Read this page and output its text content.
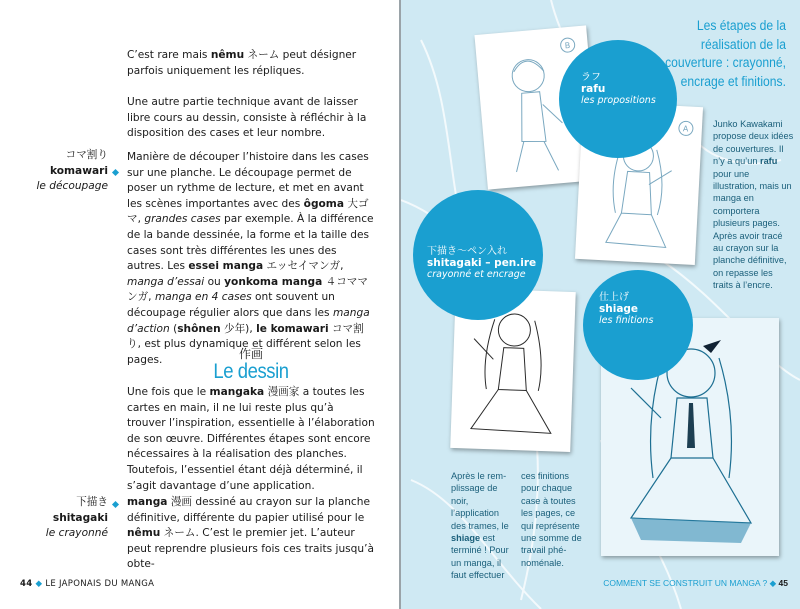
C’est rare mais nêmu ネーム peut désigner parfois uniquement les répliques.

Une autre partie technique avant de laisser libre cours au dessin, consiste à réfléchir à la disposition des cases et leur nombre.

コマ割り
komawari
le découpage

Manière de découper l’histoire dans les cases sur une planche. Le découpage permet de poser un rythme de lecture, et met en avant les scènes importantes avec des ôgoma 大ゴマ, grandes cases par exemple. À la différence de la bande dessinée, la forme et la taille des cases sont très différentes les unes des autres. Les essei manga エッセイマンガ, manga d’essai ou yonkoma manga ４コママンガ, manga en 4 cases ont souvent un découpage régulier alors que dans les manga d’action (shônen 少年), le komawari コマ割り, est plus dynamique et différent selon les pages.	作画
Le dessin

Une fois que le mangaka 漫画家 a toutes les cartes en main, il ne lui reste plus qu’à trouver l’inspiration, essentielle à l’élaboration de son œuvre. Différentes étapes sont encore nécessaires à la réalisation des planches. Toutefois, l’essentiel étant déjà déterminé, il s’agit davantage d’une application.

下描き
shitagaki
le crayonné

manga 漫画 dessiné au crayon sur la planche définitive, différente du papier utilisé pour le nêmu ネーム. C’est le premier jet. L’auteur peut reprendre plusieurs fois ces traits jusqu’à obte-

44 ◆ LE JAPONAIS DU MANGA
Les étapes de la réalisation de la couverture : crayonné, encrage et finitions.
B
A
ラフ
rafu
les propositions
下描き～ペン入れ
shitagaki – pen.ire
crayonné et encrage
仕上げ
shiage
les finitions

Junko Kawakami propose deux idées de couvertures. Il n’y a qu’un rafu pour une illustration, mais un manga en comportera plusieurs pages. Après avoir tracé au crayon sur la planche définitive, on repasse les traits à l’encre.

Après le remplissage de noir, l’application des trames, le shiage est terminé ! Pour un manga, il faut effectuer

ces finitions pour chaque case à toutes les pages, ce qui représente une somme de travail phénoménale.

COMMENT SE CONSTRUIT UN MANGA ? ◆ 45
